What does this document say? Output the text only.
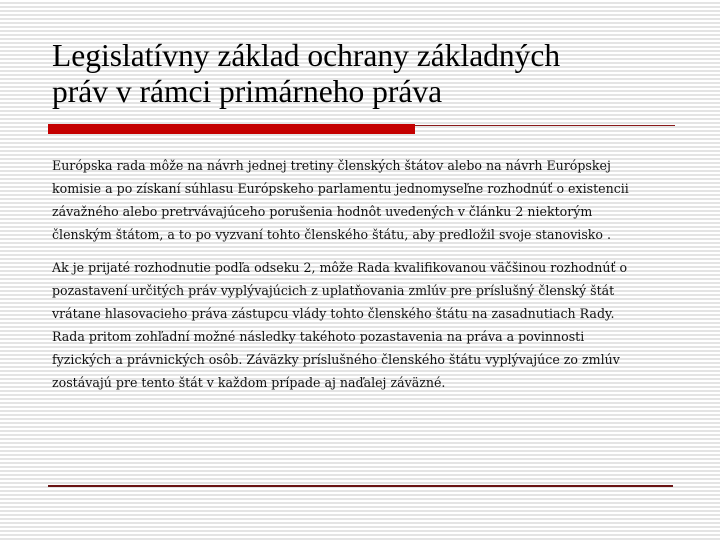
Legislatívny základ ochrany základných
práv v rámci primárneho práva

Európska rada môže na návrh jednej tretiny členských štátov alebo na návrh Európskej
komisie a po získaní súhlasu Európskeho parlamentu jednomyseľne rozhodnúť o existencii
závažného alebo pretrvávajúceho porušenia hodnôt uvedených v článku 2 niektorým
členským štátom, a to po vyzvaní tohto členského štátu, aby predložil svoje stanovisko .

Ak je prijaté rozhodnutie podľa odseku 2, môže Rada kvalifikovanou väčšinou rozhodnúť o
pozastavení určitých práv vyplývajúcich z uplatňovania zmlúv pre príslušný členský štát
vrátane hlasovacieho práva zástupcu vlády tohto členského štátu na zasadnutiach Rady.
Rada pritom zohľadní možné následky takéhoto pozastavenia na práva a povinnosti
fyzických a právnických osôb. Záväzky príslušného členského štátu vyplývajúce zo zmlúv
zostávajú pre tento štát v každom prípade aj naďalej záväzné.
